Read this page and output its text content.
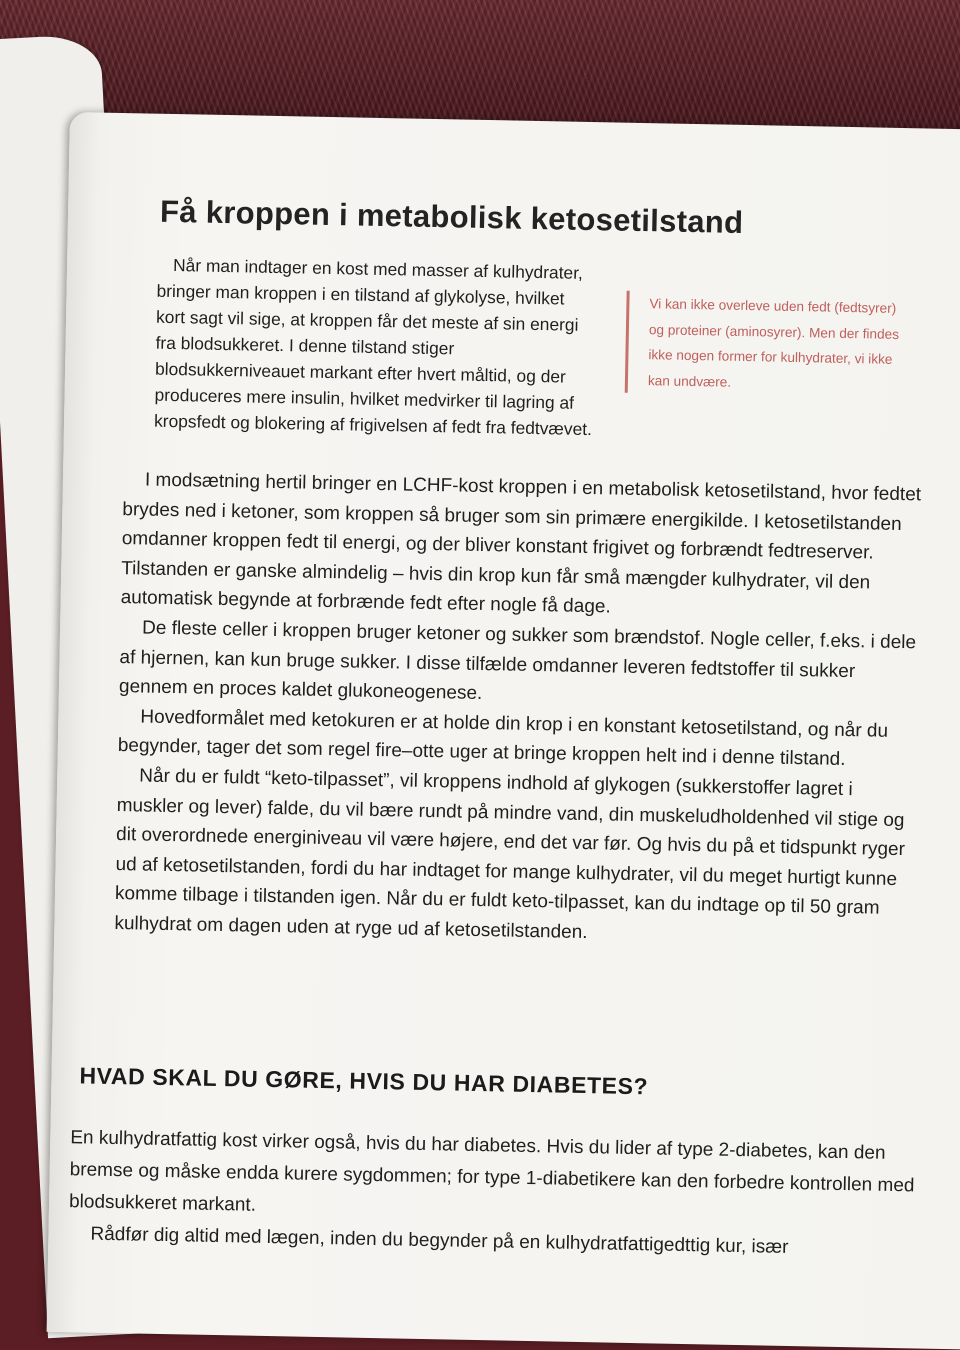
Få kroppen i metabolisk ketosetilstand

Når man indtager en kost med masser af kulhydrater, bringer man kroppen i en tilstand af glykolyse, hvilket kort sagt vil sige, at kroppen får det meste af sin energi fra blodsukkeret. I denne tilstand stiger blodsukkerniveauet markant efter hvert måltid, og der produceres mere insulin, hvilket medvirker til lagring af kropsfedt og blokering af frigivelsen af fedt fra fedtvævet.

Vi kan ikke overleve uden fedt (fedtsyrer) og proteiner (aminosyrer). Men der findes ikke nogen former for kulhydrater, vi ikke kan undvære.

I modsætning hertil bringer en LCHF-kost kroppen i en metabolisk ketosetilstand, hvor fedtet brydes ned i ketoner, som kroppen så bruger som sin primære energikilde. I ketosetilstanden omdanner kroppen fedt til energi, og der bliver konstant frigivet og forbrændt fedtreserver. Tilstanden er ganske almindelig – hvis din krop kun får små mængder kulhydrater, vil den automatisk begynde at forbrænde fedt efter nogle få dage.

De fleste celler i kroppen bruger ketoner og sukker som brændstof. Nogle celler, f.eks. i dele af hjernen, kan kun bruge sukker. I disse tilfælde omdanner leveren fedtstoffer til sukker gennem en proces kaldet glukoneogenese.

Hovedformålet med ketokuren er at holde din krop i en konstant ketosetilstand, og når du begynder, tager det som regel fire–otte uger at bringe kroppen helt ind i denne tilstand.

Når du er fuldt “keto-tilpasset”, vil kroppens indhold af glykogen (sukkerstoffer lagret i muskler og lever) falde, du vil bære rundt på mindre vand, din muskeludholdenhed vil stige og dit overordnede energiniveau vil være højere, end det var før. Og hvis du på et tidspunkt ryger ud af ketosetilstanden, fordi du har indtaget for mange kulhydrater, vil du meget hurtigt kunne komme tilbage i tilstanden igen. Når du er fuldt keto-tilpasset, kan du indtage op til 50 gram kulhydrat om dagen uden at ryge ud af ketosetilstanden.

HVAD SKAL DU GØRE, HVIS DU HAR DIABETES?

En kulhydratfattig kost virker også, hvis du har diabetes. Hvis du lider af type 2-diabetes, kan den bremse og måske endda kurere sygdommen; for type 1-diabetikere kan den forbedre kontrollen med blodsukkeret markant.

Rådfør dig altid med lægen, inden du begynder på en kulhydratfattigedttig kur, især
